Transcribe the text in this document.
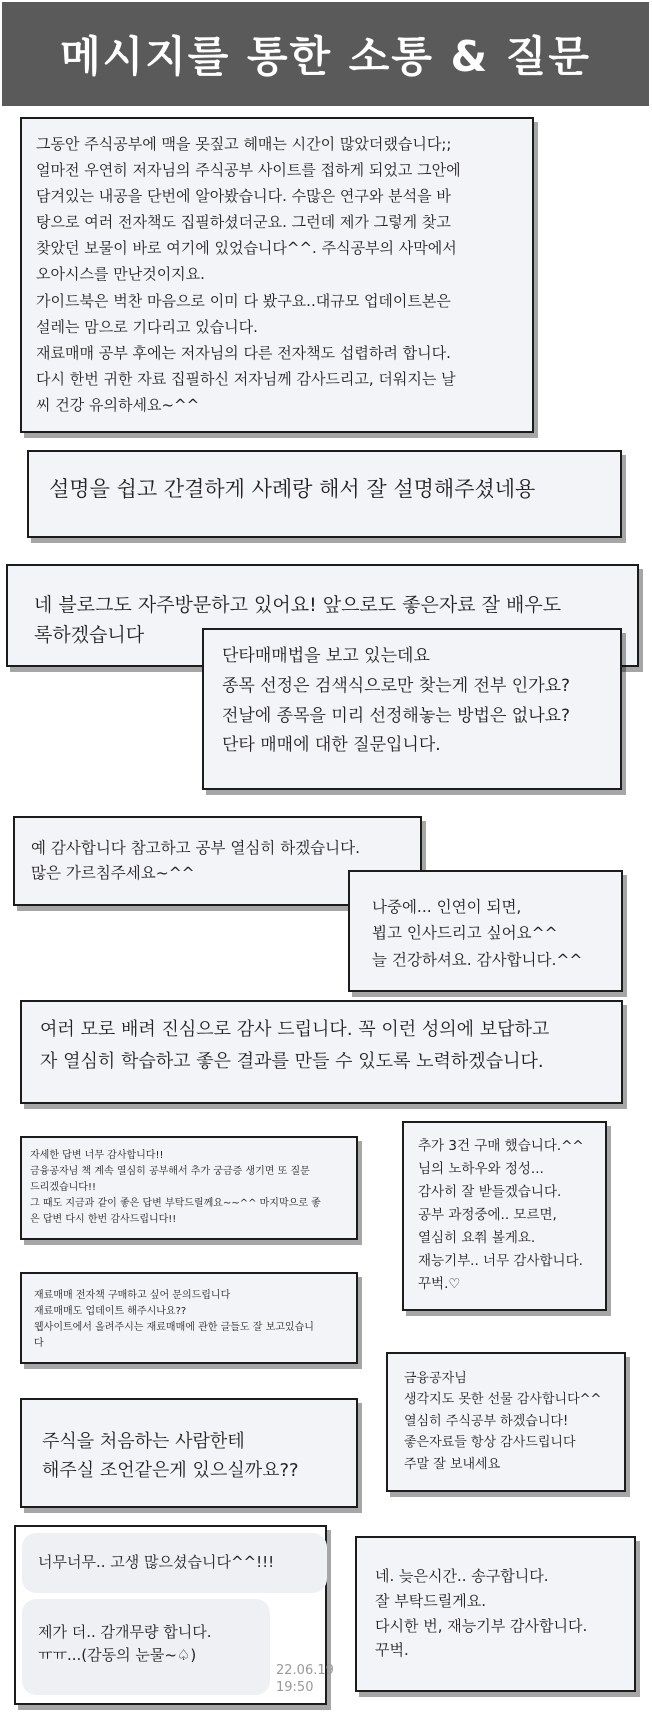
메시지를 통한 소통 & 질문
그동안 주식공부에 맥을 못짚고 헤매는 시간이 많았더랬습니다;;
얼마전 우연히 저자님의 주식공부 사이트를 접하게 되었고 그안에
담겨있는 내공을 단번에 알아봤습니다. 수많은 연구와 분석을 바
탕으로 여러 전자책도 집필하셨더군요. 그런데 제가 그렇게 찾고
찾았던 보물이 바로 여기에 있었습니다^^. 주식공부의 사막에서
오아시스를 만난것이지요.
가이드북은 벅찬 마음으로 이미 다 봤구요..대규모 업데이트본은
설레는 맘으로 기다리고 있습니다.
재료매매 공부 후에는 저자님의 다른 전자책도 섭렵하려 합니다.
다시 한번 귀한 자료 집필하신 저자님께 감사드리고, 더워지는 날
씨 건강 유의하세요~^^
설명을 쉽고 간결하게 사례랑 해서 잘 설명해주셨네용
네 블로그도 자주방문하고 있어요! 앞으로도 좋은자료 잘 배우도
록하겠습니다
단타매매법을 보고 있는데요
종목 선정은 검색식으로만 찾는게 전부 인가요?
전날에 종목을 미리 선정해놓는 방법은 없나요?
단타 매매에 대한 질문입니다.
예 감사합니다 참고하고 공부 열심히 하겠습니다.
많은 가르침주세요~^^
나중에... 인연이 되면,
뵙고 인사드리고 싶어요^^
늘 건강하셔요. 감사합니다.^^
여러 모로 배려 진심으로 감사 드립니다. 꼭 이런 성의에 보답하고
자 열심히 학습하고 좋은 결과를 만들 수 있도록 노력하겠습니다.
자세한 답변 너무 감사합니다!!
금융공자님 책 계속 열심히 공부해서 추가 궁금증 생기면 또 질문
드리겠습니다!!
그 때도 지금과 같이 좋은 답변 부탁드릴께요~~^^ 마지막으로 좋
은 답변 다시 한번 감사드립니다!!
추가 3건 구매 했습니다.^^
님의 노하우와 정성...
감사히 잘 받들겠습니다.
공부 과정중에.. 모르면,
열심히 요쭤 볼게요.
재능기부.. 너무 감사합니다.
꾸벅.♡
재료매매 전자책 구매하고 싶어 문의드립니다
재료매매도 업데이트 해주시나요??
웹사이트에서 올려주시는 재료매매에 관한 글들도 잘 보고있습니
다
금융공자님
생각지도 못한 선물 감사합니다^^
열심히 주식공부 하겠습니다!
좋은자료들 항상 감사드립니다
주말 잘 보내세요
주식을 처음하는 사람한테
해주실 조언같은게 있으실까요??
너무너무.. 고생 많으셨습니다^^!!!
제가 더.. 감개무량 합니다.
ㅠㅠ...(감동의 눈물~♤)
22.06.19
19:50
네. 늦은시간.. 송구합니다.
잘 부탁드릴게요.
다시한 번, 재능기부 감사합니다.
꾸벅.
